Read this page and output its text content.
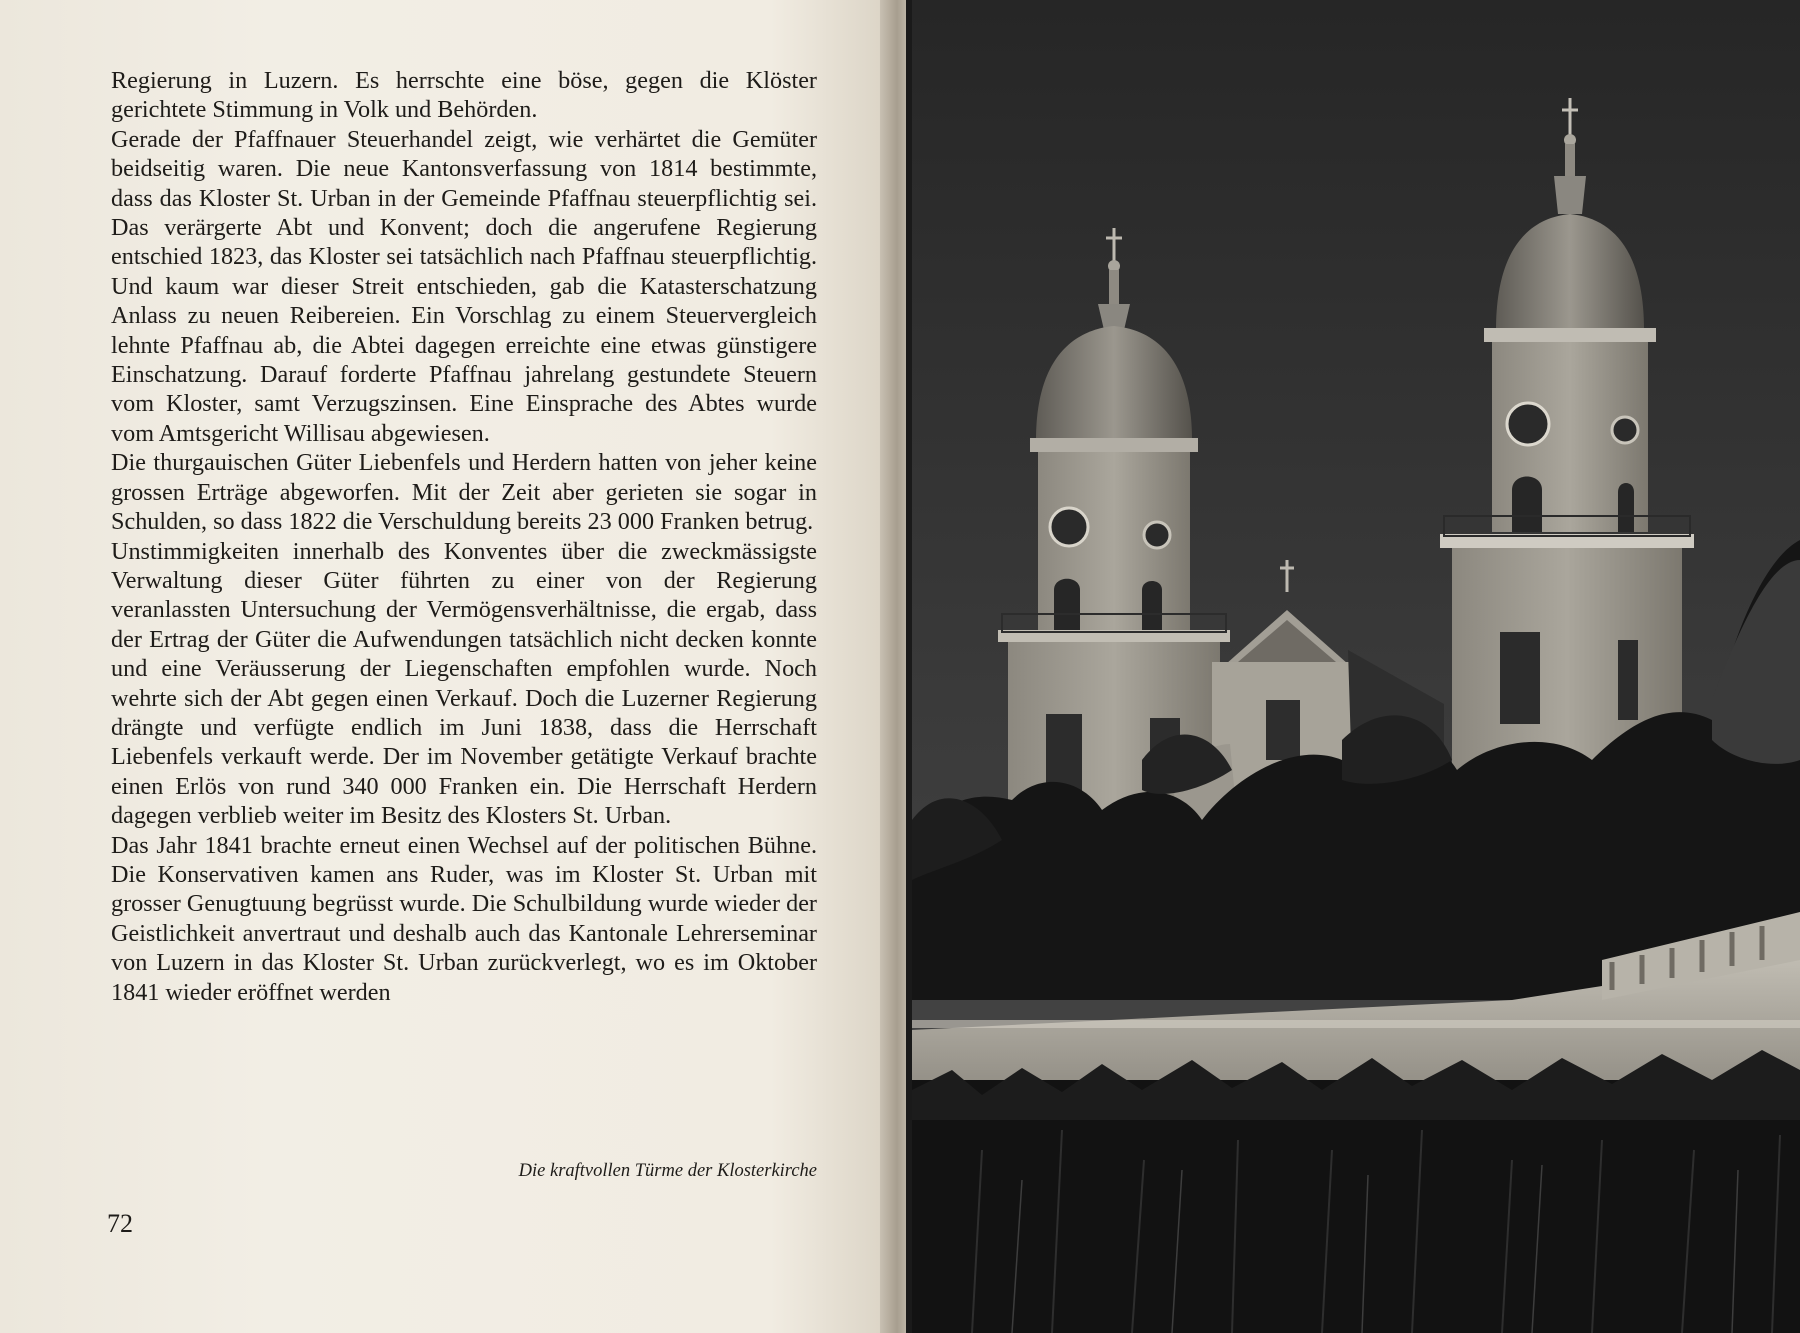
Regierung in Luzern. Es herrschte eine böse, gegen die Klöster gerichtete Stimmung in Volk und Behörden.

Gerade der Pfaffnauer Steuerhandel zeigt, wie verhärtet die Gemüter beidseitig waren. Die neue Kantonsverfassung von 1814 bestimmte, dass das Kloster St. Urban in der Gemeinde Pfaffnau steuerpflichtig sei. Das verärgerte Abt und Konvent; doch die angerufene Regierung entschied 1823, das Kloster sei tatsächlich nach Pfaffnau steuerpflichtig. Und kaum war dieser Streit entschieden, gab die Katasterschatzung Anlass zu neuen Reibereien. Ein Vorschlag zu einem Steuervergleich lehnte Pfaffnau ab, die Abtei dagegen erreichte eine etwas günstigere Einschatzung. Darauf forderte Pfaffnau jahrelang gestundete Steuern vom Kloster, samt Verzugszinsen. Eine Einsprache des Abtes wurde vom Amtsgericht Willisau abgewiesen.

Die thurgauischen Güter Liebenfels und Herdern hatten von jeher keine grossen Erträge abgeworfen. Mit der Zeit aber gerieten sie sogar in Schulden, so dass 1822 die Verschuldung bereits 23 000 Franken betrug.

Unstimmigkeiten innerhalb des Konventes über die zweckmässigste Verwaltung dieser Güter führten zu einer von der Regierung veranlassten Untersuchung der Vermögensverhältnisse, die ergab, dass der Ertrag der Güter die Aufwendungen tatsächlich nicht decken konnte und eine Veräusserung der Liegenschaften empfohlen wurde. Noch wehrte sich der Abt gegen einen Verkauf. Doch die Luzerner Regierung drängte und verfügte endlich im Juni 1838, dass die Herrschaft Liebenfels verkauft werde. Der im November getätigte Verkauf brachte einen Erlös von rund 340 000 Franken ein. Die Herrschaft Herdern dagegen verblieb weiter im Besitz des Klosters St. Urban.

Das Jahr 1841 brachte erneut einen Wechsel auf der politischen Bühne. Die Konservativen kamen ans Ruder, was im Kloster St. Urban mit grosser Genugtuung begrüsst wurde. Die Schulbildung wurde wieder der Geistlichkeit anvertraut und deshalb auch das Kantonale Lehrerseminar von Luzern in das Kloster St. Urban zurückverlegt, wo es im Oktober 1841 wieder eröffnet werden

Die kraftvollen Türme der Klosterkirche
72
